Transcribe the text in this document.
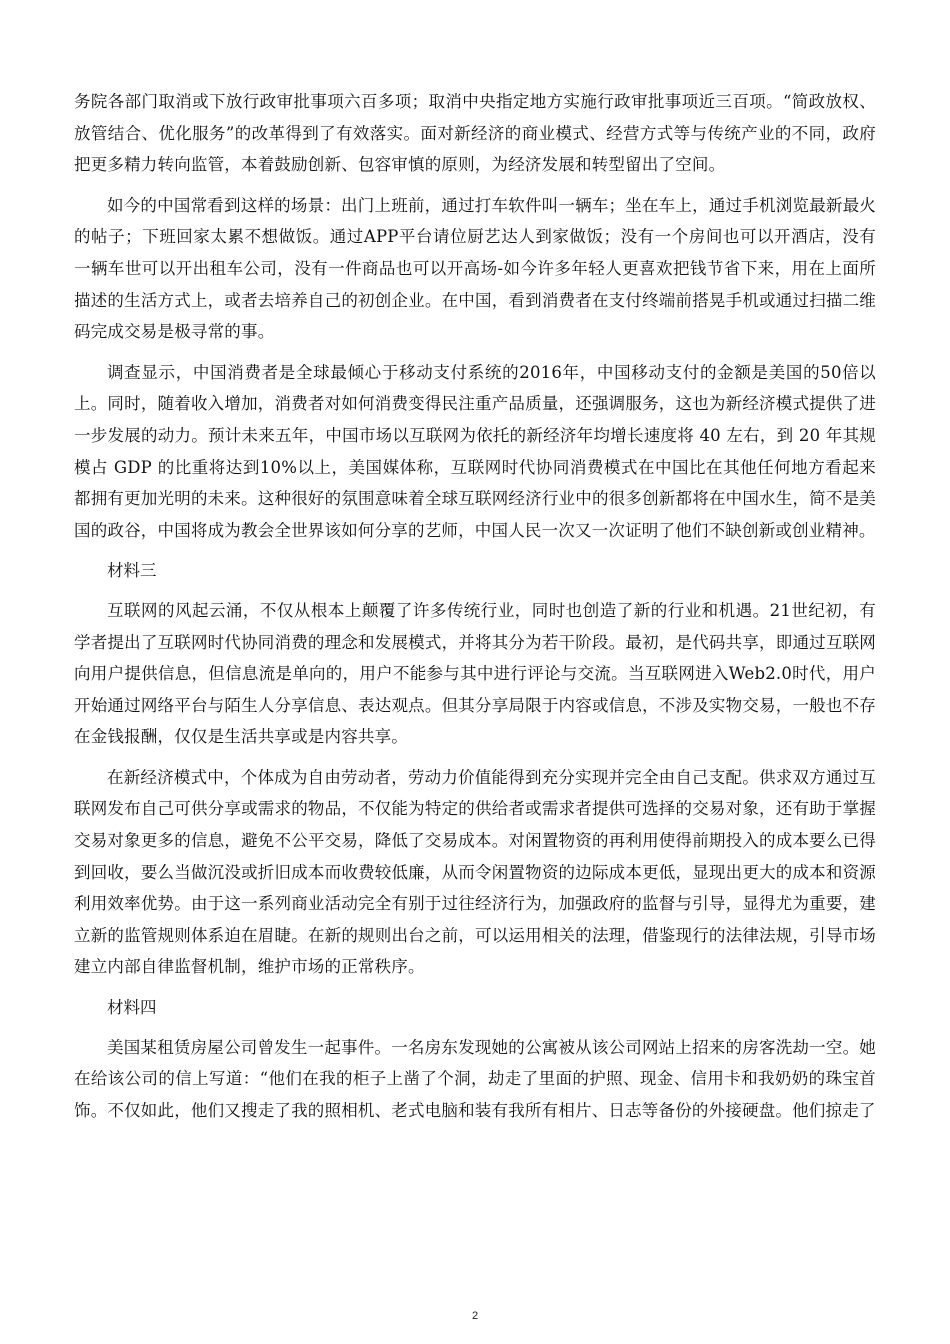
务院各部门取消或下放行政审批事项六百多项；取消中央指定地方实施行政审批事项近三百项。“简政放权、放管结合、优化服务”的改革得到了有效落实。面对新经济的商业模式、经营方式等与传统产业的不同，政府把更多精力转向监管，本着鼓励创新、包容审慎的原则，为经济发展和转型留出了空间。

如今的中国常看到这样的场景：出门上班前，通过打车软件叫一辆车；坐在车上，通过手机浏览最新最火的帖子；下班回家太累不想做饭。通过APP平台请位厨艺达人到家做饭；没有一个房间也可以开酒店，没有一辆车世可以开出租车公司，没有一件商品也可以开高场-如今许多年轻人更喜欢把钱节省下来，用在上面所描述的生活方式上，或者去培养自己的初创企业。在中国，看到消费者在支付终端前搭晃手机或通过扫描二维码完成交易是极寻常的事。

调查显示，中国消费者是全球最倾心于移动支付系统的2016年，中国移动支付的金额是美国的50倍以上。同时，随着收入增加，消费者对如何消费变得民注重产品质量，还强调服务，这也为新经济模式提供了进一步发展的动力。预计未来五年，中国市场以互联网为依托的新经济年均增长速度将 40 左右，到 20 年其规模占 GDP 的比重将达到10%以上，美国媒体称，互联网时代协同消费模式在中国比在其他任何地方看起来都拥有更加光明的未来。这种很好的氛围意味着全球互联网经济行业中的很多创新都将在中国水生，简不是美国的政谷，中国将成为教会全世界该如何分享的艺师，中国人民一次又一次证明了他们不缺创新或创业精神。

材料三

互联网的风起云涌，不仅从根本上颠覆了许多传统行业，同时也创造了新的行业和机遇。21世纪初，有学者提出了互联网时代协同消费的理念和发展模式，并将其分为若干阶段。最初，是代码共享，即通过互联网向用户提供信息，但信息流是单向的，用户不能参与其中进行评论与交流。当互联网进入Web2.0时代，用户开始通过网络平台与陌生人分享信息、表达观点。但其分享局限于内容或信息，不涉及实物交易，一般也不存在金钱报酬，仅仅是生活共享或是内容共享。

在新经济模式中，个体成为自由劳动者，劳动力价值能得到充分实现并完全由自己支配。供求双方通过互联网发布自己可供分享或需求的物品，不仅能为特定的供给者或需求者提供可选择的交易对象，还有助于掌握交易对象更多的信息，避免不公平交易，降低了交易成本。对闲置物资的再利用使得前期投入的成本要么已得到回收，要么当做沉没或折旧成本而收费较低廉，从而令闲置物资的边际成本更低，显现出更大的成本和资源利用效率优势。由于这一系列商业活动完全有别于过往经济行为，加强政府的监督与引导，显得尤为重要，建立新的监管规则体系迫在眉睫。在新的规则出台之前，可以运用相关的法理，借鉴现行的法律法规，引导市场建立内部自律监督机制，维护市场的正常秩序。

材料四

美国某租赁房屋公司曾发生一起事件。一名房东发现她的公寓被从该公司网站上招来的房客洗劫一空。她在给该公司的信上写道：“他们在我的柜子上凿了个洞，劫走了里面的护照、现金、信用卡和我奶奶的珠宝首饰。不仅如此，他们又搜走了我的照相机、老式电脑和装有我所有相片、日志等备份的外接硬盘。他们掠走了

2
